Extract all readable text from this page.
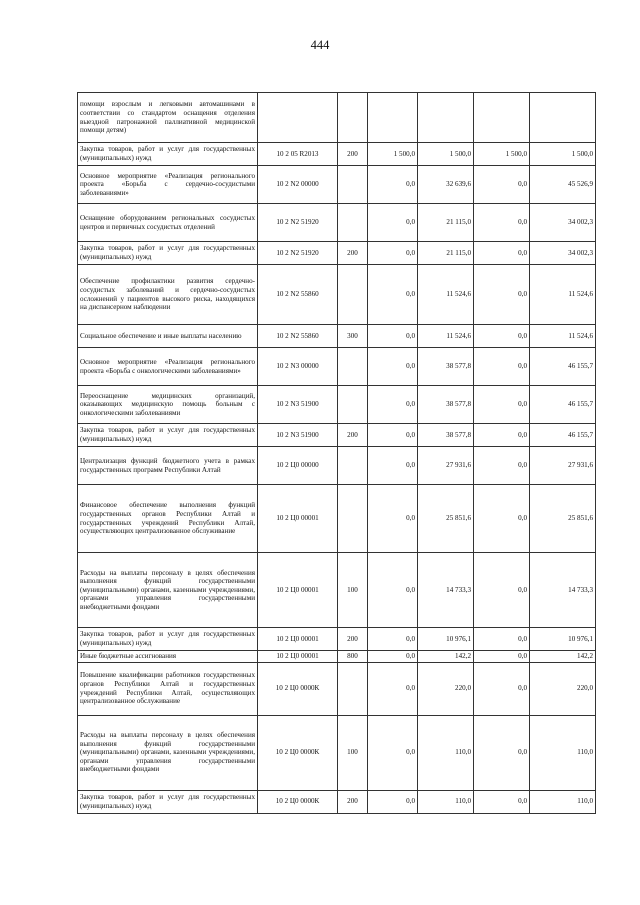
444
помощи взрослым и легковыми автомашинами в соответствии со стандартом оснащения отделения выездной патронажной паллиативной медицинской помощи детям)						
Закупка товаров, работ и услуг для государственных (муниципальных) нужд	10 2 05 R2013	200	1 500,0	1 500,0	1 500,0	1 500,0
Основное мероприятие «Реализация регионального проекта «Борьба с сердечно-сосудистыми заболеваниями»	10 2 N2 00000		0,0	32 639,6	0,0	45 526,9
Оснащение оборудованием региональных сосудистых центров и первичных сосудистых отделений	10 2 N2 51920		0,0	21 115,0	0,0	34 002,3
Закупка товаров, работ и услуг для государственных (муниципальных) нужд	10 2 N2 51920	200	0,0	21 115,0	0,0	34 002,3
Обеспечение профилактики развития сердечно-сосудистых заболеваний и сердечно-сосудистых осложнений у пациентов высокого риска, находящихся на диспансерном наблюдении	10 2 N2 55860		0,0	11 524,6	0,0	11 524,6
Социальное обеспечение и иные выплаты населению	10 2 N2 55860	300	0,0	11 524,6	0,0	11 524,6
Основное мероприятие «Реализация регионального проекта «Борьба с онкологическими заболеваниями»	10 2 N3 00000		0,0	38 577,8	0,0	46 155,7
Переоснащение медицинских организаций, оказывающих медицинскую помощь больным с онкологическими заболеваниями	10 2 N3 51900		0,0	38 577,8	0,0	46 155,7
Закупка товаров, работ и услуг для государственных (муниципальных) нужд	10 2 N3 51900	200	0,0	38 577,8	0,0	46 155,7
Централизация функций бюджетного учета в рамках государственных программ Республики Алтай	10 2 Ц0 00000		0,0	27 931,6	0,0	27 931,6
Финансовое обеспечение выполнения функций государственных органов Республики Алтай и государственных учреждений Республики Алтай, осуществляющих централизованное обслуживание	10 2 Ц0 00001		0,0	25 851,6	0,0	25 851,6
Расходы на выплаты персоналу в целях обеспечения выполнения функций государственными (муниципальными) органами, казенными учреждениями, органами управления государственными внебюджетными фондами	10 2 Ц0 00001	100	0,0	14 733,3	0,0	14 733,3
Закупка товаров, работ и услуг для государственных (муниципальных) нужд	10 2 Ц0 00001	200	0,0	10 976,1	0,0	10 976,1
Иные бюджетные ассигнования	10 2 Ц0 00001	800	0,0	142,2	0,0	142,2
Повышение квалификации работников государственных органов Республики Алтай и государственных учреждений Республики Алтай, осуществляющих централизованное обслуживание	10 2 Ц0 0000К		0,0	220,0	0,0	220,0
Расходы на выплаты персоналу в целях обеспечения выполнения функций государственными (муниципальными) органами, казенными учреждениями, органами управления государственными внебюджетными фондами	10 2 Ц0 0000К	100	0,0	110,0	0,0	110,0
Закупка товаров, работ и услуг для государственных (муниципальных) нужд	10 2 Ц0 0000К	200	0,0	110,0	0,0	110,0
